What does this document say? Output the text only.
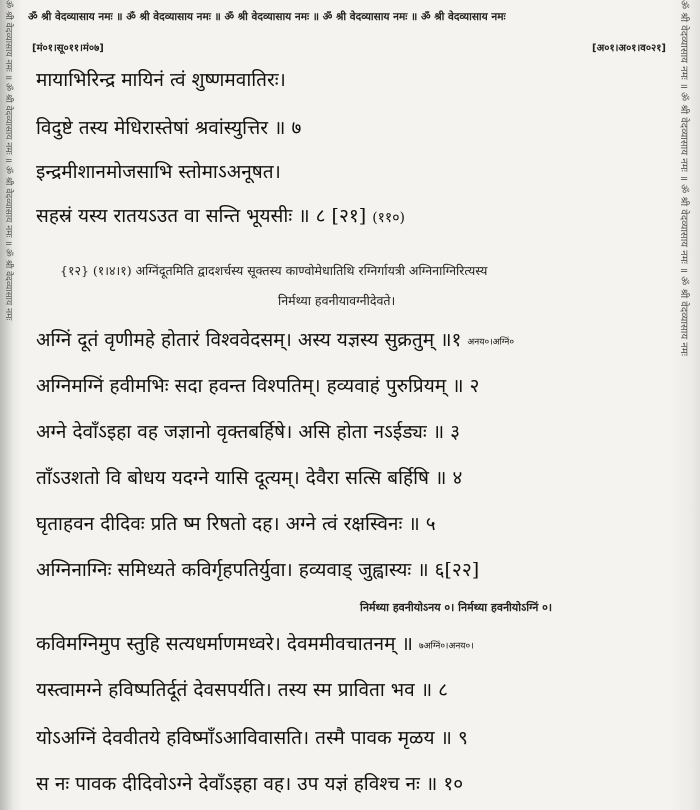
ॐ श्री वेदव्यासाय नमः ॥ ॐ श्री वेदव्यासाय नमः ॥ ॐ श्री वेदव्यासाय नमः ॥ ॐ श्री वेदव्यासाय नमः	ॐ श्री वेदव्यासाय नमः ॥ ॐ श्री वेदव्यासाय नमः ॥ ॐ श्री वेदव्यासाय नमः ॥ ॐ श्री वेदव्यासाय नमः
ॐ श्री वेदव्यासाय नमः ॥ ॐ श्री वेदव्यासाय नमः ॥ ॐ श्री वेदव्यासाय नमः ॥ ॐ श्री वेदव्यासाय नमः ॥ ॐ श्री वेदव्यासाय नमः
[मं०१।सू०११।मं०७]	[अ०१।अ०१।व०२१]
मायाभिरिन्द्र मायिनं त्वं शुष्णमवातिरः।
विदुष्टे तस्य मेधिरास्तेषां श्रवांस्युत्तिर ॥ ७
इन्द्रमीशानमोजसाभि स्तोमाऽअनूषत।
सहस्रं यस्य रातयऽउत वा सन्ति भूयसीः ॥ ८ [२१] (११०)
{१२} (१।४।१) अग्निंदूतमिति द्वादशर्चस्य सूक्तस्य काण्वोमेधातिथि रग्निर्गायत्री अग्निनाग्निरित्यस्य
निर्मथ्या हवनीयावग्नीदेवते।
अग्निं दूतं वृणीमहे होतारं विश्ववेदसम्। अस्य यज्ञस्य सुक्रतुम् ॥१ अनय०।अग्निं०
अग्निमग्निं हवीमभिः सदा हवन्त विश्पतिम्। हव्यवाहं पुरुप्रियम् ॥ २
अग्ने देवाँऽइहा वह जज्ञानो वृक्तबर्हिषे। असि होता नऽईड्यः ॥ ३
ताँऽउशतो वि बोधय यदग्ने यासि दूत्यम्। देवैरा सत्सि बर्हिषि ॥ ४
घृताहवन दीदिवः प्रति ष्म रिषतो दह। अग्ने त्वं रक्षस्विनः ॥ ५
अग्निनाग्निः समिध्यते कविर्गृहपतिर्युवा। हव्यवाड् जुह्वास्यः ॥ ६[२२]
निर्मथ्या हवनीयोऽनय ०। निर्मथ्या हवनीयोऽग्निं ०।
कविमग्निमुप स्तुहि सत्यधर्माणमध्वरे। देवममीवचातनम् ॥ ७अग्निं०।अनय०।
यस्त्वामग्ने हविष्पतिर्दूतं देवसपर्यति। तस्य स्म प्राविता भव ॥ ८
योऽअग्निं देववीतये हविष्माँऽआविवासति। तस्मै पावक मृळय ॥ ९
स नः पावक दीदिवोऽग्ने देवाँऽइहा वह। उप यज्ञं हविश्च नः ॥ १०
